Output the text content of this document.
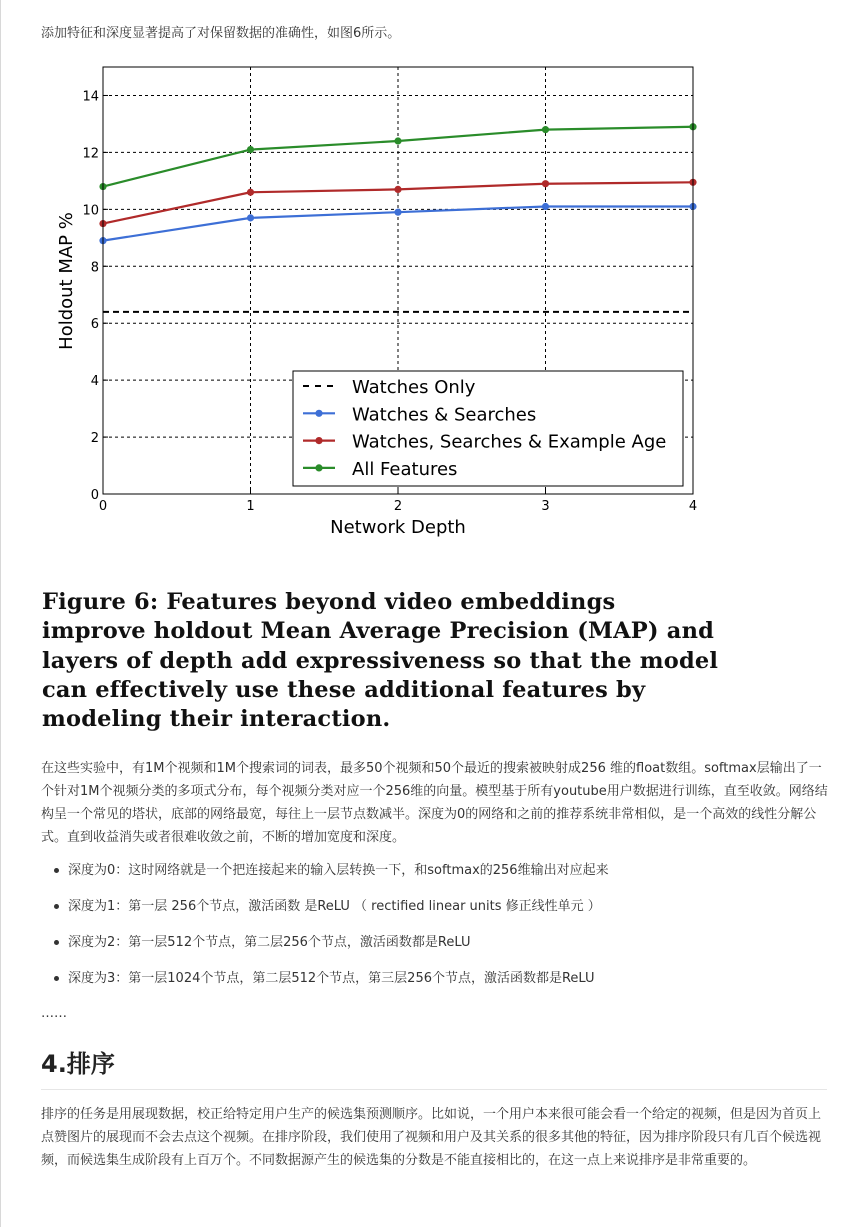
添加特征和深度显著提高了对保留数据的准确性，如图6所示。
0	1	2	3	4
0
2
4
6
8
10
12
14
Network Depth
Holdout MAP %
Watches Only
Watches & Searches
Watches, Searches & Example Age
All Features
Figure 6: Features beyond video embeddings improve holdout Mean Average Precision (MAP) and layers of depth add expressiveness so that the model can effectively use these additional features by modeling their interaction.
在这些实验中，有1M个视频和1M个搜索词的词表，最多50个视频和50个最近的搜索被映射成256 维的float数组。softmax层输出了一个针对1M个视频分类的多项式分布，每个视频分类对应一个256维的向量。模型基于所有youtube用户数据进行训练，直至收敛。网络结构呈一个常见的塔状，底部的网络最宽，每往上一层节点数减半。深度为0的网络和之前的推荐系统非常相似，是一个高效的线性分解公式。直到收益消失或者很难收敛之前，不断的增加宽度和深度。
深度为0：这时网络就是一个把连接起来的输入层转换一下，和softmax的256维输出对应起来
深度为1：第一层 256个节点，激活函数 是ReLU （ rectified linear units 修正线性单元 ）
深度为2：第一层512个节点，第二层256个节点，激活函数都是ReLU
深度为3：第一层1024个节点，第二层512个节点，第三层256个节点，激活函数都是ReLU
……
4.排序
排序的任务是用展现数据，校正给特定用户生产的候选集预测顺序。比如说，一个用户本来很可能会看一个给定的视频，但是因为首页上点赞图片的展现而不会去点这个视频。在排序阶段，我们使用了视频和用户及其关系的很多其他的特征，因为排序阶段只有几百个候选视频，而候选集生成阶段有上百万个。不同数据源产生的候选集的分数是不能直接相比的，在这一点上来说排序是非常重要的。
